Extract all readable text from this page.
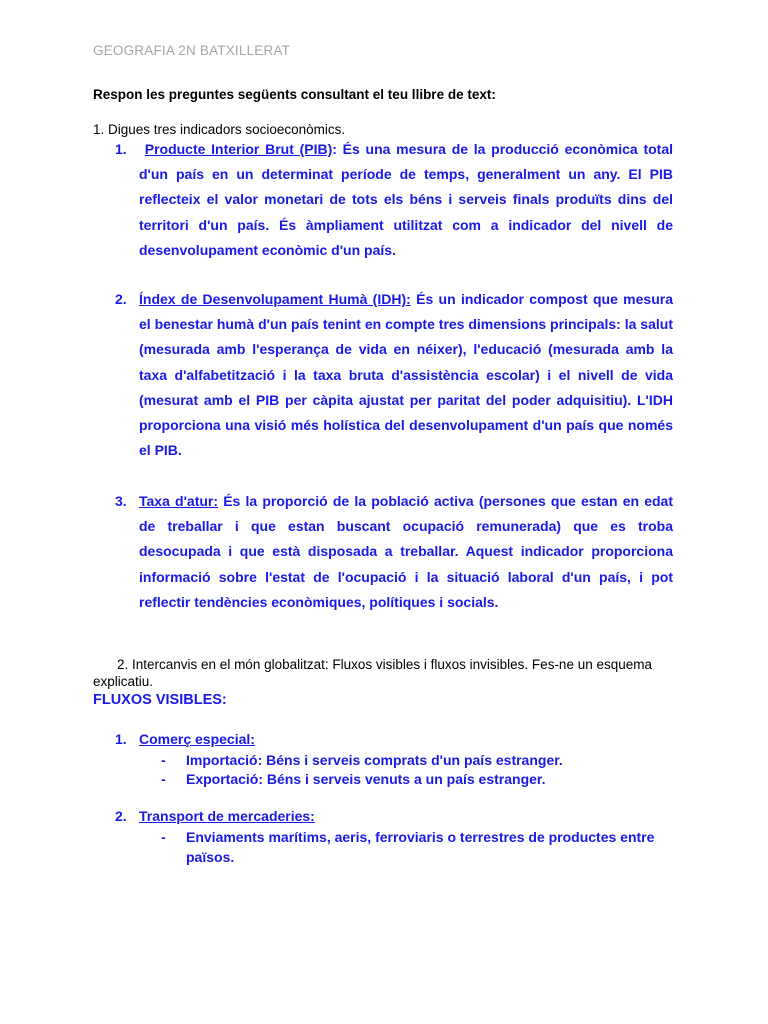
GEOGRAFIA 2N BATXILLERAT
Respon les preguntes següents consultant el teu llibre de text:
1. Digues tres indicadors socioeconòmics.
1. Producte Interior Brut (PIB): És una mesura de la producció econòmica total d'un país en un determinat període de temps, generalment un any. El PIB reflecteix el valor monetari de tots els béns i serveis finals produïts dins del territori d'un país. És àmpliament utilitzat com a indicador del nivell de desenvolupament econòmic d'un país.
2. Índex de Desenvolupament Humà (IDH): És un indicador compost que mesura el benestar humà d'un país tenint en compte tres dimensions principals: la salut (mesurada amb l'esperança de vida en néixer), l'educació (mesurada amb la taxa d'alfabetització i la taxa bruta d'assistència escolar) i el nivell de vida (mesurat amb el PIB per càpita ajustat per paritat del poder adquisitiu). L'IDH proporciona una visió més holística del desenvolupament d'un país que només el PIB.
3. Taxa d'atur: És la proporció de la població activa (persones que estan en edat de treballar i que estan buscant ocupació remunerada) que es troba desocupada i que està disposada a treballar. Aquest indicador proporciona informació sobre l'estat de l'ocupació i la situació laboral d'un país, i pot reflectir tendències econòmiques, polítiques i socials.
2. Intercanvis en el món globalitzat: Fluxos visibles i fluxos invisibles. Fes-ne un esquema explicatiu.
FLUXOS VISIBLES:
1. Comerç especial:
- Importació: Béns i serveis comprats d'un país estranger.
- Exportació: Béns i serveis venuts a un país estranger.
2. Transport de mercaderies:
- Enviaments marítims, aeris, ferroviaris o terrestres de productes entre països.
